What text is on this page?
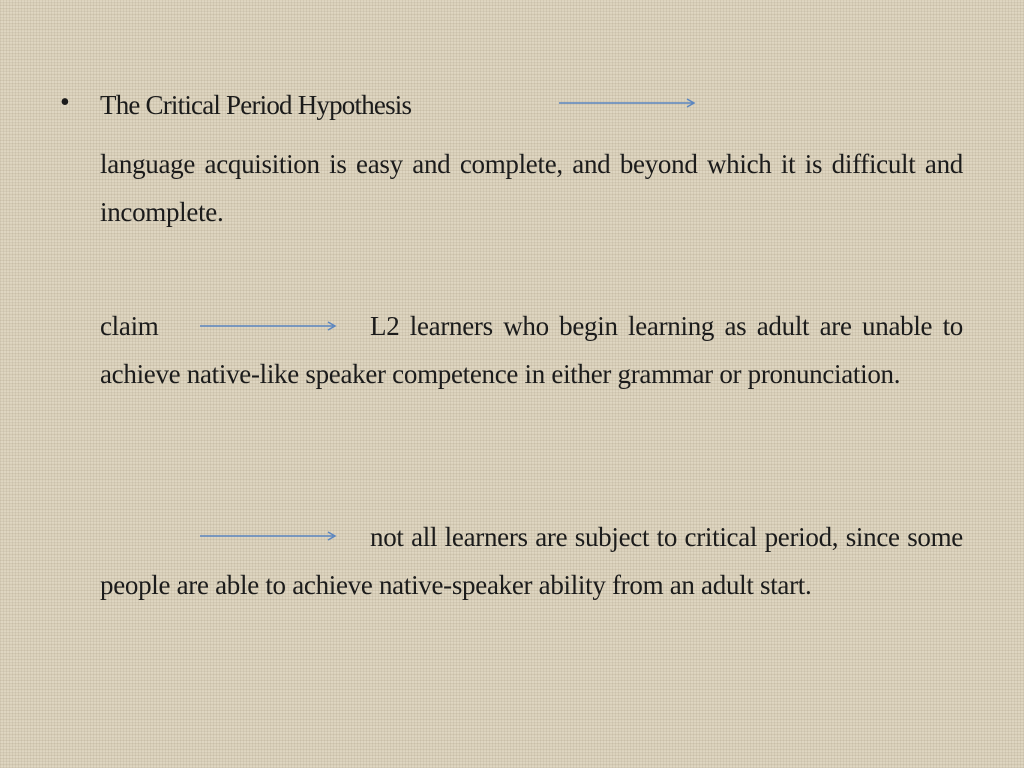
• The Critical Period Hypothesis
language acquisition is easy and complete, and beyond which it is difficult and incomplete.
claim	L2 learners who begin learning as adult are unable to achieve native-like speaker competence in either grammar or pronunciation.
not all learners are subject to critical period, since some people are able to achieve native-speaker ability from an adult start.
